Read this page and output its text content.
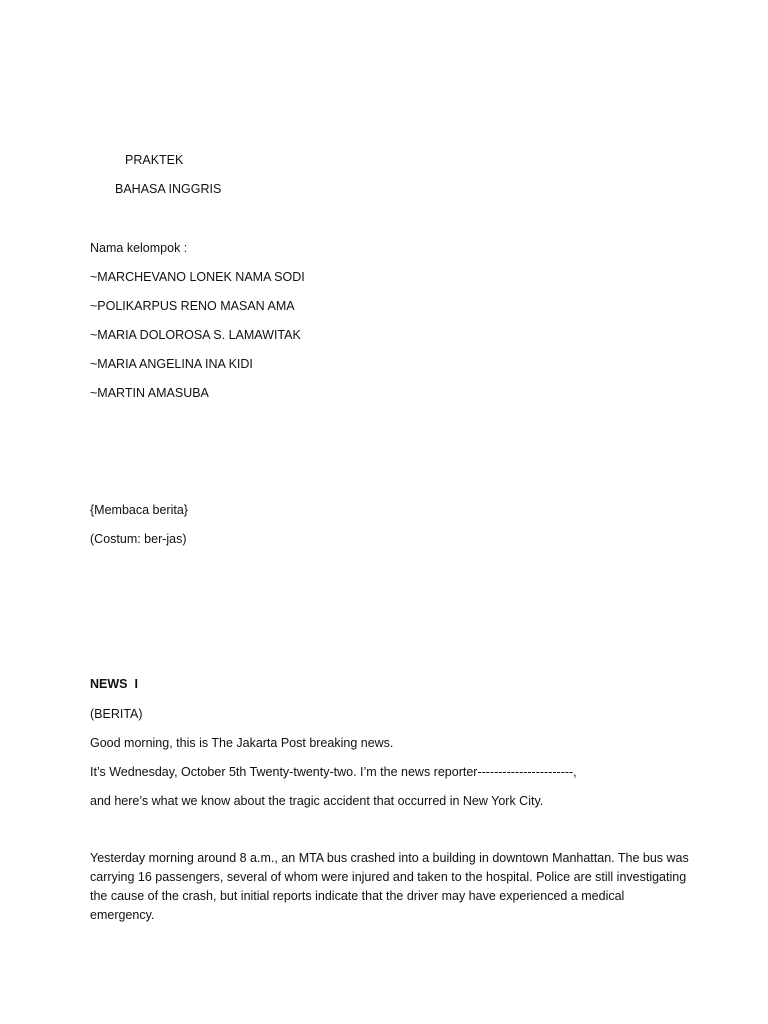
PRAKTEK
BAHASA INGGRIS
Nama kelompok :
~MARCHEVANO LONEK NAMA SODI
~POLIKARPUS RENO MASAN AMA
~MARIA DOLOROSA S. LAMAWITAK
~MARIA ANGELINA INA KIDI
~MARTIN AMASUBA
{Membaca berita}
(Costum: ber-jas)
NEWS  I
(BERITA)
Good morning, this is The Jakarta Post breaking news.
It’s Wednesday, October 5th Twenty-twenty-two. I’m the news reporter-----------------------,
and here’s what we know about the tragic accident that occurred in New York City.
Yesterday morning around 8 a.m., an MTA bus crashed into a building in downtown Manhattan. The bus was carrying 16 passengers, several of whom were injured and taken to the hospital. Police are still investigating the cause of the crash, but initial reports indicate that the driver may have experienced a medical emergency.
